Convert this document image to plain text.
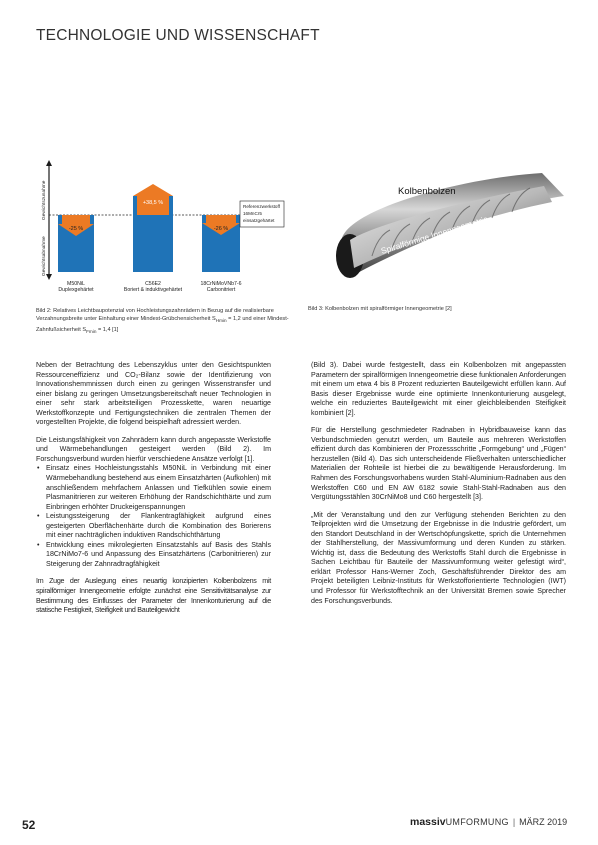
TECHNOLOGIE UND WISSENSCHAFT
Gewichtszunahme
Gewichtsabnahme
-25 %
+38,5 %
-26 %
Referenzwerkstoff
16MnCr5
einsatzgehärtet
M50NiL
Duplexgehärtet
C56E2
Boriert & induktivgehärtet
18CrNiMoVNb7-6
Carbonitriert
Bild 2: Relatives Leichtbaupotenzial von Hochleistungszahnrädern in Bezug auf die realisierbare Verzahnungsbreite unter Einhaltung einer Mindest-Grübchensicherheit $S_{Hmin} = 1,2$ und einer Mindest-Zahnfußsicherheit $S_{Fmin} = 1,4$ [1]
Kolbenbolzen
Spiralförmige Innengeometrie
Bild 3: Kolbenbolzen mit spiralförmiger Innengeometrie [2]

Neben der Betrachtung des Lebenszyklus unter den Gesichtspunkten Ressourceneffizienz und CO₂-Bilanz sowie der Identifizierung von Innovationshemmnissen durch einen zu geringen Wissenstransfer und einer bislang zu geringen Umsetzungsbereitschaft neuer Technologien in einer sehr stark arbeitsteiligen Prozesskette, waren neuartige Werkstoffkonzepte und Fertigungstechniken die zentralen Themen der vorgestellten Projekte, die folgend beispielhaft adressiert werden.

Die Leistungsfähigkeit von Zahnrädern kann durch angepasste Werkstoffe und Wärmebehandlungen gesteigert werden (Bild 2). Im Forschungsverbund wurden hierfür verschiedene Ansätze verfolgt [1].

• Einsatz eines Hochleistungsstahls M50NiL in Verbindung mit einer Wärmebehandlung bestehend aus einem Einsatzhärten (Aufkohlen) mit anschließendem mehrfachem Anlassen und Tiefkühlen sowie einem Plasmanitrieren zur weiteren Erhöhung der Randschichthärte und zum Einbringen erhöhter Druckeigenspannungen
• Leistungssteigerung der Flankentragfähigkeit aufgrund eines gesteigerten Oberflächenhärte durch die Kombination des Borierens mit einer nachträglichen induktiven Randschichthärtung
• Entwicklung eines mikrolegierten Einsatzstahls auf Basis des Stahls 18CrNiMo7-6 und Anpassung des Einsatzhärtens (Carbonitrieren) zur Steigerung der Zahnradtragfähigkeit

Im Zuge der Auslegung eines neuartig konzipierten Kolbenbolzens mit spiralförmiger Innengeometrie erfolgte zunächst eine Sensitivitätsanalyse zur Bestimmung des Einflusses der Parameter der Innenkonturierung auf die statische Festigkeit, Steifigkeit und Bauteilgewicht

(Bild 3). Dabei wurde festgestellt, dass ein Kolbenbolzen mit angepassten Parametern der spiralförmigen Innengeometrie diese funktionalen Anforderungen mit einem um etwa 4 bis 8 Prozent reduzierten Bauteilgewicht erfüllen kann. Auf Basis dieser Ergebnisse wurde eine optimierte Innenkonturierung ausgelegt, welche ein reduziertes Bauteilgewicht mit einer gleichbleibenden Steifigkeit kombiniert [2].

Für die Herstellung geschmiedeter Radnaben in Hybridbauweise kann das Verbundschmieden genutzt werden, um Bauteile aus mehreren Werkstoffen effizient durch das Kombinieren der Prozessschritte „Formgebung“ und „Fügen“ herzustellen (Bild 4). Das sich unterscheidende Fließverhalten unterschiedlicher Materialien der Rohteile ist hierbei die zu bewältigende Herausforderung. Im Rahmen des Forschungsvorhabens wurden Stahl-Aluminium-Radnaben aus den Werkstoffen C60 und EN AW 6182 sowie Stahl-Stahl-Radnaben aus den Vergütungsstählen 30CrNiMo8 und C60 hergestellt [3].

„Mit der Veranstaltung und den zur Verfügung stehenden Berichten zu den Teilprojekten wird die Umsetzung der Ergebnisse in die Industrie gefördert, um den Standort Deutschland in der Wertschöpfungskette, sprich die Unternehmen der Stahlherstellung, der Massivumformung und deren Kunden zu stärken. Wichtig ist, dass die Bedeutung des Werkstoffs Stahl durch die Ergebnisse in Sachen Leichtbau für Bauteile der Massivumformung weiter gefestigt wird“, erklärt Professor Hans-Werner Zoch, Geschäftsführender Direktor des am Projekt beteiligten Leibniz-Instituts für Werkstofforientierte Technologien (IWT) und Professor für Werkstofftechnik an der Universität Bremen sowie Sprecher des Forschungsverbunds.

52	massivUMFORMUNG | MÄRZ 2019
